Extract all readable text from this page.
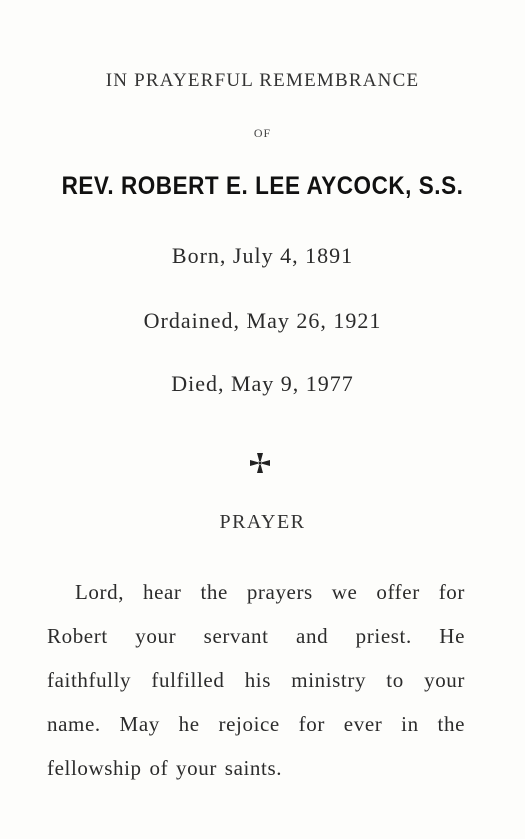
IN PRAYERFUL REMEMBRANCE
OF
REV. ROBERT E. LEE AYCOCK, S.S.
Born, July 4, 1891
Ordained, May 26, 1921
Died, May 9, 1977
PRAYER
Lord, hear the prayers we offer for
Robert your servant and priest. He
faithfully fulfilled his ministry to your
name. May he rejoice for ever in the
fellowship of your saints.
